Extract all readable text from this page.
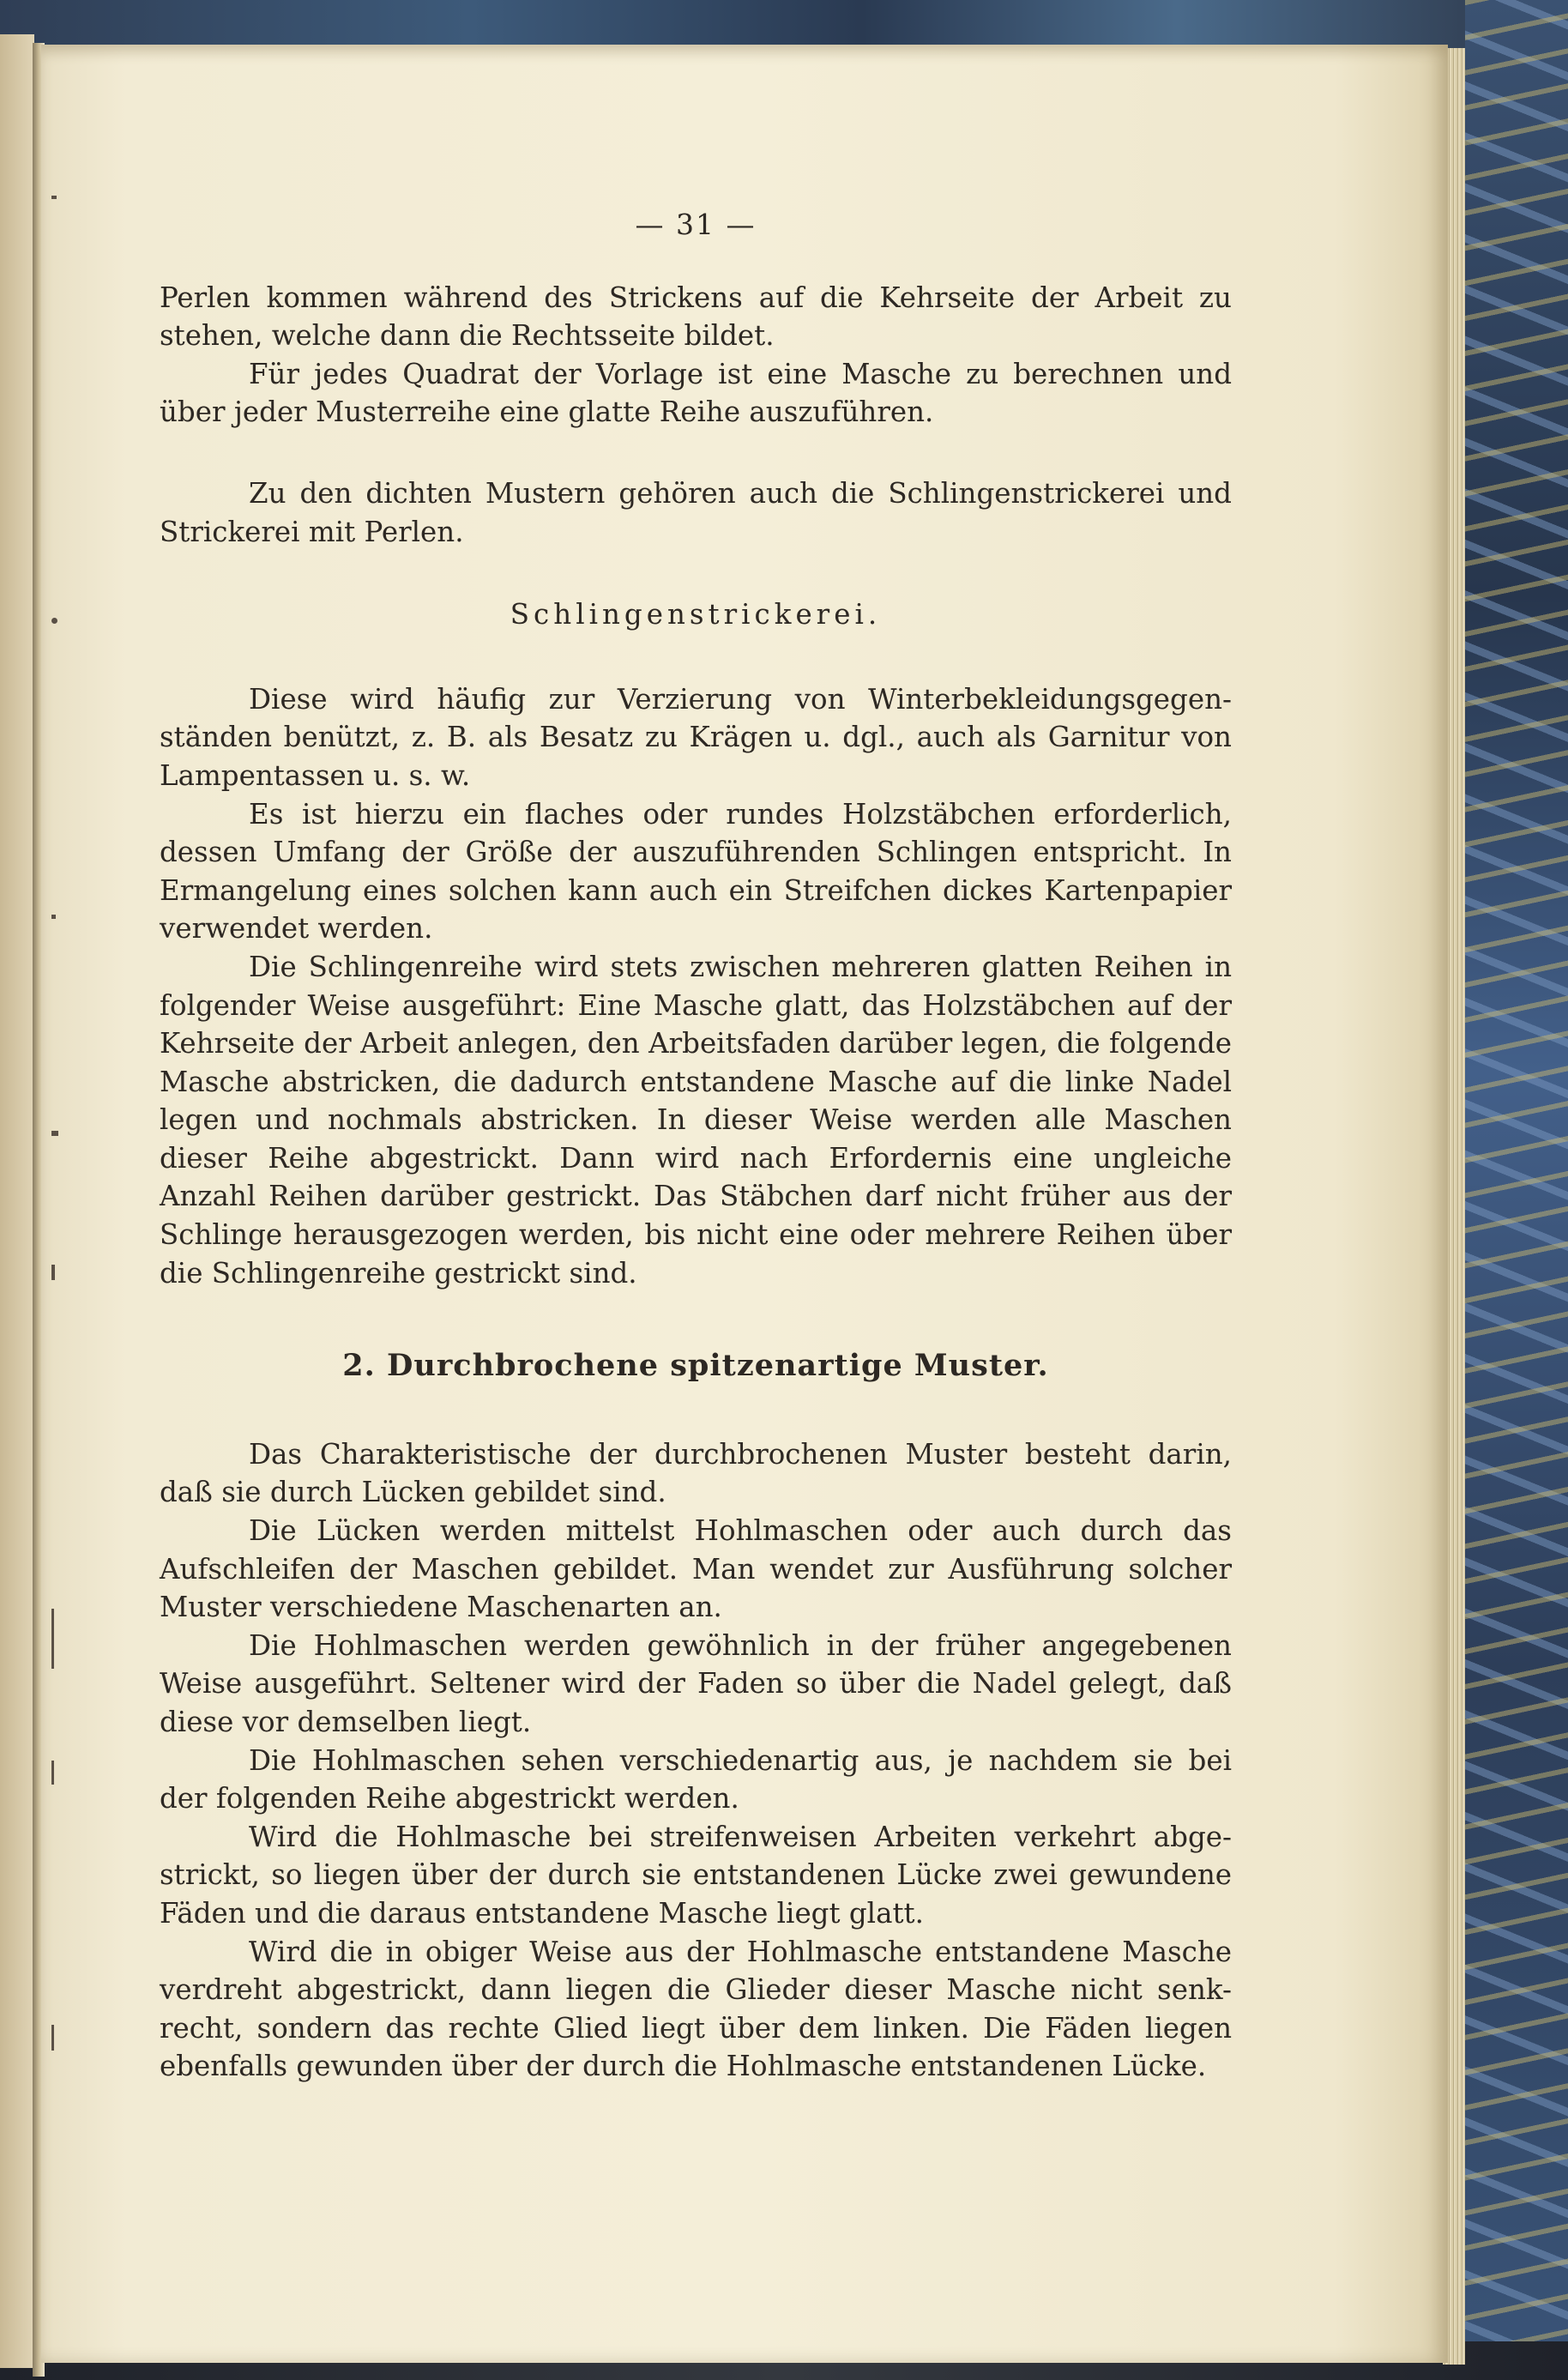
— 31 —

Perlen kommen während des Strickens auf die Kehrseite der Arbeit zu stehen, welche dann die Rechtsseite bildet.

Für jedes Quadrat der Vorlage ist eine Masche zu berechnen und über jeder Musterreihe eine glatte Reihe auszuführen.

Zu den dichten Mustern gehören auch die Schlingenstrickerei und Strickerei mit Perlen.

Schlingenstrickerei.

Diese wird häufig zur Verzierung von Winterbekleidungsgegen- ständen benützt, z. B. als Besatz zu Krägen u. dgl., auch als Garnitur von Lampentassen u. s. w.

Es ist hierzu ein flaches oder rundes Holzstäbchen erforderlich, dessen Umfang der Größe der auszuführenden Schlingen entspricht. In Ermangelung eines solchen kann auch ein Streifchen dickes Kartenpapier verwendet werden.

Die Schlingenreihe wird stets zwischen mehreren glatten Reihen in folgender Weise ausgeführt: Eine Masche glatt, das Holzstäbchen auf der Kehrseite der Arbeit anlegen, den Arbeitsfaden darüber legen, die folgende Masche abstricken, die dadurch entstandene Masche auf die linke Nadel legen und nochmals abstricken. In dieser Weise werden alle Maschen dieser Reihe abgestrickt. Dann wird nach Erfordernis eine ungleiche Anzahl Reihen darüber gestrickt. Das Stäbchen darf nicht früher aus der Schlinge herausgezogen werden, bis nicht eine oder mehrere Reihen über die Schlingenreihe gestrickt sind.

2. Durchbrochene spitzenartige Muster.

Das Charakteristische der durchbrochenen Muster besteht darin, daß sie durch Lücken gebildet sind.

Die Lücken werden mittelst Hohlmaschen oder auch durch das Aufschleifen der Maschen gebildet. Man wendet zur Ausführung solcher Muster verschiedene Maschenarten an.

Die Hohlmaschen werden gewöhnlich in der früher angegebenen Weise ausgeführt. Seltener wird der Faden so über die Nadel gelegt, daß diese vor demselben liegt.

Die Hohlmaschen sehen verschiedenartig aus, je nachdem sie bei der folgenden Reihe abgestrickt werden.

Wird die Hohlmasche bei streifenweisen Arbeiten verkehrt abge- strickt, so liegen über der durch sie entstandenen Lücke zwei gewundene Fäden und die daraus entstandene Masche liegt glatt.

Wird die in obiger Weise aus der Hohlmasche entstandene Masche verdreht abgestrickt, dann liegen die Glieder dieser Masche nicht senk- recht, sondern das rechte Glied liegt über dem linken. Die Fäden liegen ebenfalls gewunden über der durch die Hohlmasche entstandenen Lücke.
